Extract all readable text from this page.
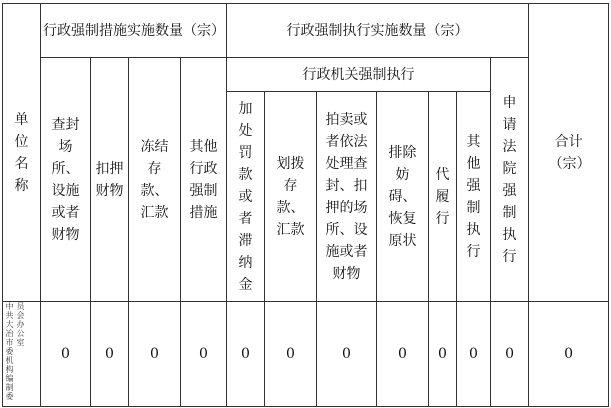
单位名称	行政强制措施实施数量（宗）				行政强制执行实施数量（宗）							合计（宗）
	查封场所、设施或者财物	扣押财物	冻结存款、汇款	其他行政强制措施	行政机关强制执行						申请法院强制执行	
					加处罚款或者滞纳金	划拨存款、汇款	拍卖或者依法处理查封、扣押的场所、设施或者财物	排除妨碍、恢复原状	代履行	其他强制执行		
中共大冶市委机构编制委员会办公室	0	0	0	0	0	0	0	0	0	0	0	0
